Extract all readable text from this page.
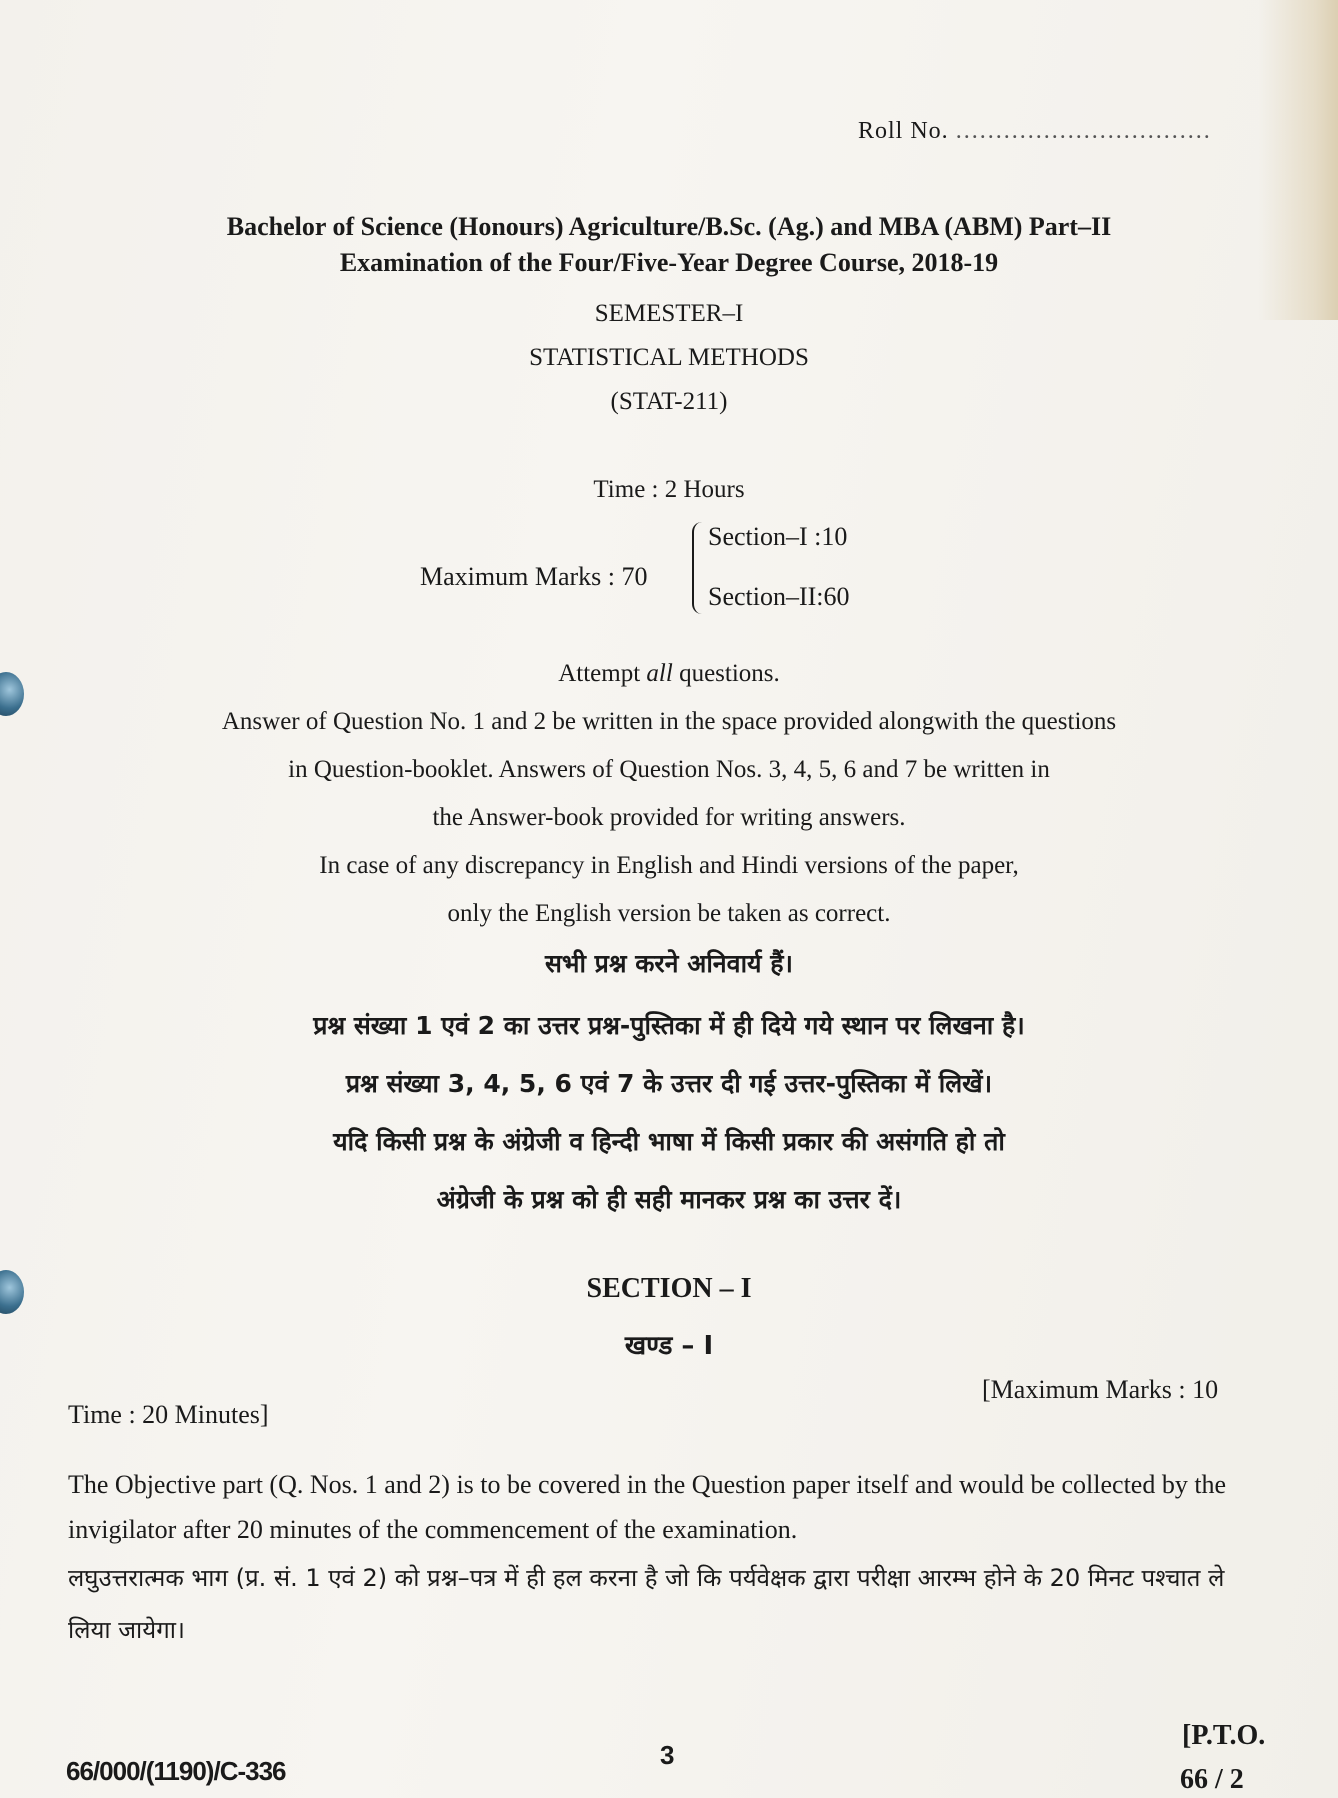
Roll No. ................................
Bachelor of Science (Honours) Agriculture/B.Sc. (Ag.) and MBA (ABM) Part–II
Examination of the Four/Five-Year Degree Course, 2018-19
SEMESTER–I
STATISTICAL METHODS
(STAT-211)
Time : 2 Hours
Maximum Marks : 70
Section–I :10
Section–II:60
Attempt all questions.
Answer of Question No. 1 and 2 be written in the space provided alongwith the questions
in Question-booklet. Answers of Question Nos. 3, 4, 5, 6 and 7 be written in
the Answer-book provided for writing answers.
In case of any discrepancy in English and Hindi versions of the paper,
only the English version be taken as correct.
सभी प्रश्न करने अनिवार्य हैं।
प्रश्न संख्या 1 एवं 2 का उत्तर प्रश्न-पुस्तिका में ही दिये गये स्थान पर लिखना है।
प्रश्न संख्या 3, 4, 5, 6 एवं 7 के उत्तर दी गई उत्तर-पुस्तिका में लिखें।
यदि किसी प्रश्न के अंग्रेजी व हिन्दी भाषा में किसी प्रकार की असंगति हो तो
अंग्रेजी के प्रश्न को ही सही मानकर प्रश्न का उत्तर दें।
SECTION – I
खण्ड – I
Time : 20 Minutes]
[Maximum Marks : 10
The Objective part (Q. Nos. 1 and 2) is to be covered in the Question paper itself and would be collected by the invigilator after 20 minutes of the commencement of the examination.
लघुउत्तरात्मक भाग (प्र. सं. 1 एवं 2) को प्रश्न–पत्र में ही हल करना है जो कि पर्यवेक्षक द्वारा परीक्षा आरम्भ होने के 20 मिनट पश्चात ले लिया जायेगा।
66/000/(1190)/C-336
3
[P.T.O.
66 / 2
